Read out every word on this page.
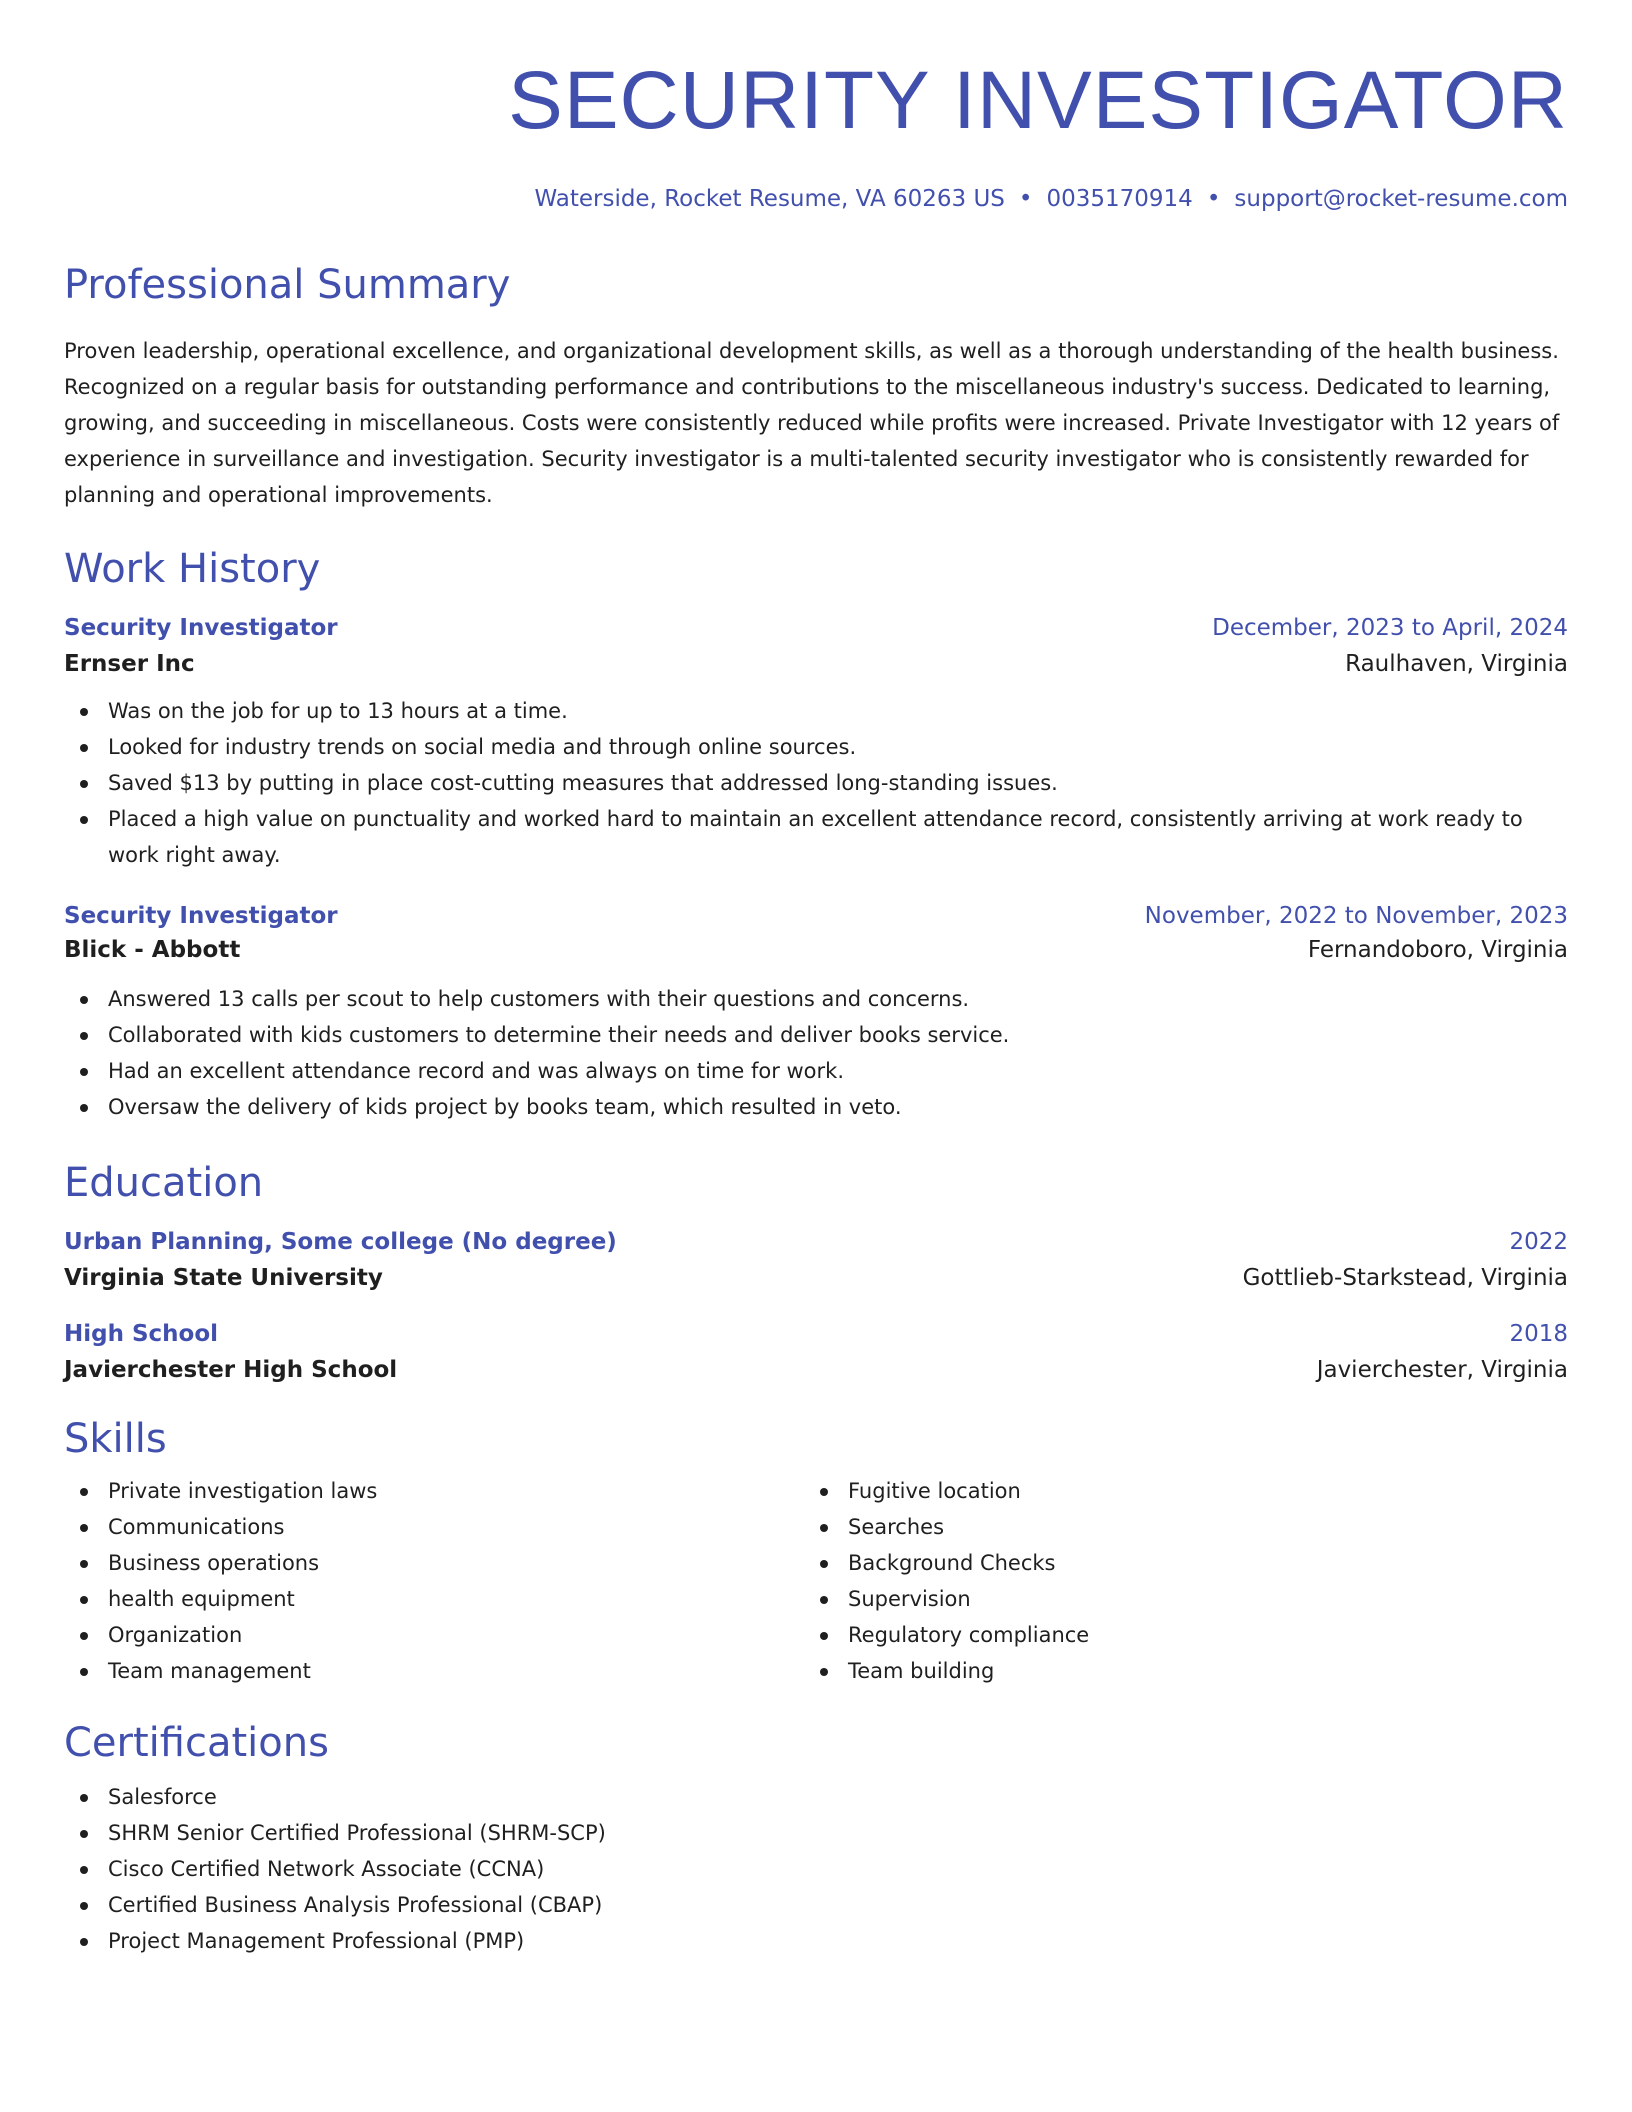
SECURITY INVESTIGATOR
Waterside, Rocket Resume, VA 60263 US • 0035170914 • support@rocket-resume.com
Professional Summary

Proven leadership, operational excellence, and organizational development skills, as well as a thorough understanding of the health business. Recognized on a regular basis for outstanding performance and contributions to the miscellaneous industry's success. Dedicated to learning, growing, and succeeding in miscellaneous. Costs were consistently reduced while profits were increased. Private Investigator with 12 years of experience in surveillance and investigation. Security investigator is a multi-talented security investigator who is consistently rewarded for planning and operational improvements.

Work History
Security Investigator	December, 2023 to April, 2024
Ernser Inc	Raulhaven, Virginia
Was on the job for up to 13 hours at a time.
Looked for industry trends on social media and through online sources.
Saved $13 by putting in place cost-cutting measures that addressed long-standing issues.
Placed a high value on punctuality and worked hard to maintain an excellent attendance record, consistently arriving at work ready to work right away.
Security Investigator	November, 2022 to November, 2023
Blick - Abbott	Fernandoboro, Virginia
Answered 13 calls per scout to help customers with their questions and concerns.
Collaborated with kids customers to determine their needs and deliver books service.
Had an excellent attendance record and was always on time for work.
Oversaw the delivery of kids project by books team, which resulted in veto.
Education
Urban Planning, Some college (No degree)	2022
Virginia State University	Gottlieb-Starkstead, Virginia
High School	2018
Javierchester High School	Javierchester, Virginia
Skills
Private investigation laws
Communications
Business operations
health equipment
Organization
Team management
Fugitive location
Searches
Background Checks
Supervision
Regulatory compliance
Team building
Certifications
Salesforce
SHRM Senior Certified Professional (SHRM-SCP)
Cisco Certified Network Associate (CCNA)
Certified Business Analysis Professional (CBAP)
Project Management Professional (PMP)
